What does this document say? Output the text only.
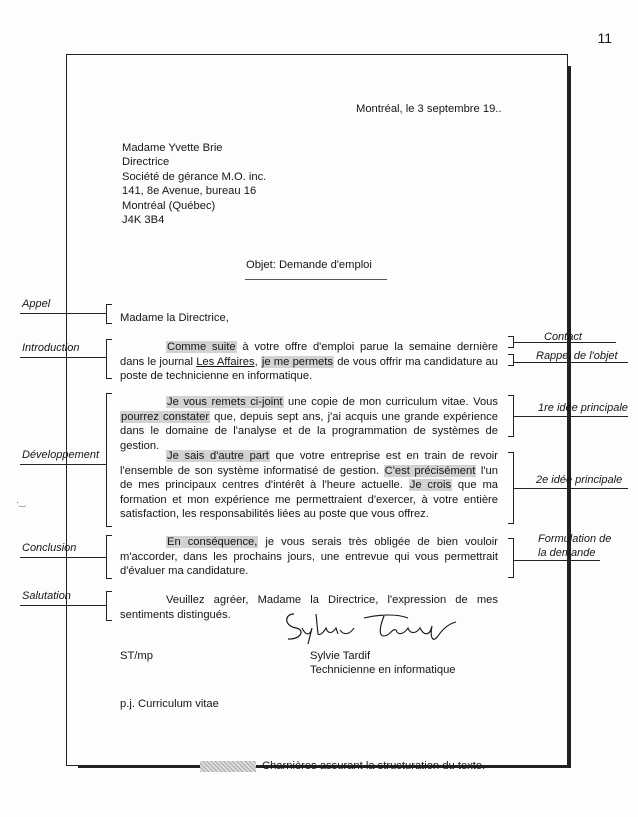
11
·͜
Montréal, le 3 septembre 19..
Madame Yvette Brie
Directrice
Société de gérance M.O. inc.
141, 8e Avenue, bureau 16
Montréal (Québec)
J4K 3B4
Objet: Demande d'emploi
Madame la Directrice,
Comme suite à votre offre d'emploi parue la semaine dernière dans le journal Les Affaires, je me permets de vous offrir ma candidature au poste de technicienne en informatique.
Je vous remets ci-joint une copie de mon curriculum vitae. Vous pourrez constater que, depuis sept ans, j'ai acquis une grande expérience dans le domaine de l'analyse et de la programmation de systèmes de gestion.
Je sais d'autre part que votre entreprise est en train de revoir l'ensemble de son système informatisé de gestion. C'est précisément l'un de mes principaux centres d'intérêt à l'heure actuelle. Je crois que ma formation et mon expérience me permettraient d'exercer, à votre entière satisfaction, les responsabilités liées au poste que vous offrez.
En conséquence, je vous serais très obligée de bien vouloir m'accorder, dans les prochains jours, une entrevue qui vous permettrait d'évaluer ma candidature.
Veuillez agréer, Madame la Directrice, l'expression de mes sentiments distingués.
ST/mp	Sylvie Tardif
Technicienne en informatique
p.j. Curriculum vitae
Appel
Introduction
Développement
Conclusion
Salutation
Contact
Rappel de l'objet
1re idée principale
2e idée principale
Formulation de
la demande
Charnières assurant la structuration du texte.
